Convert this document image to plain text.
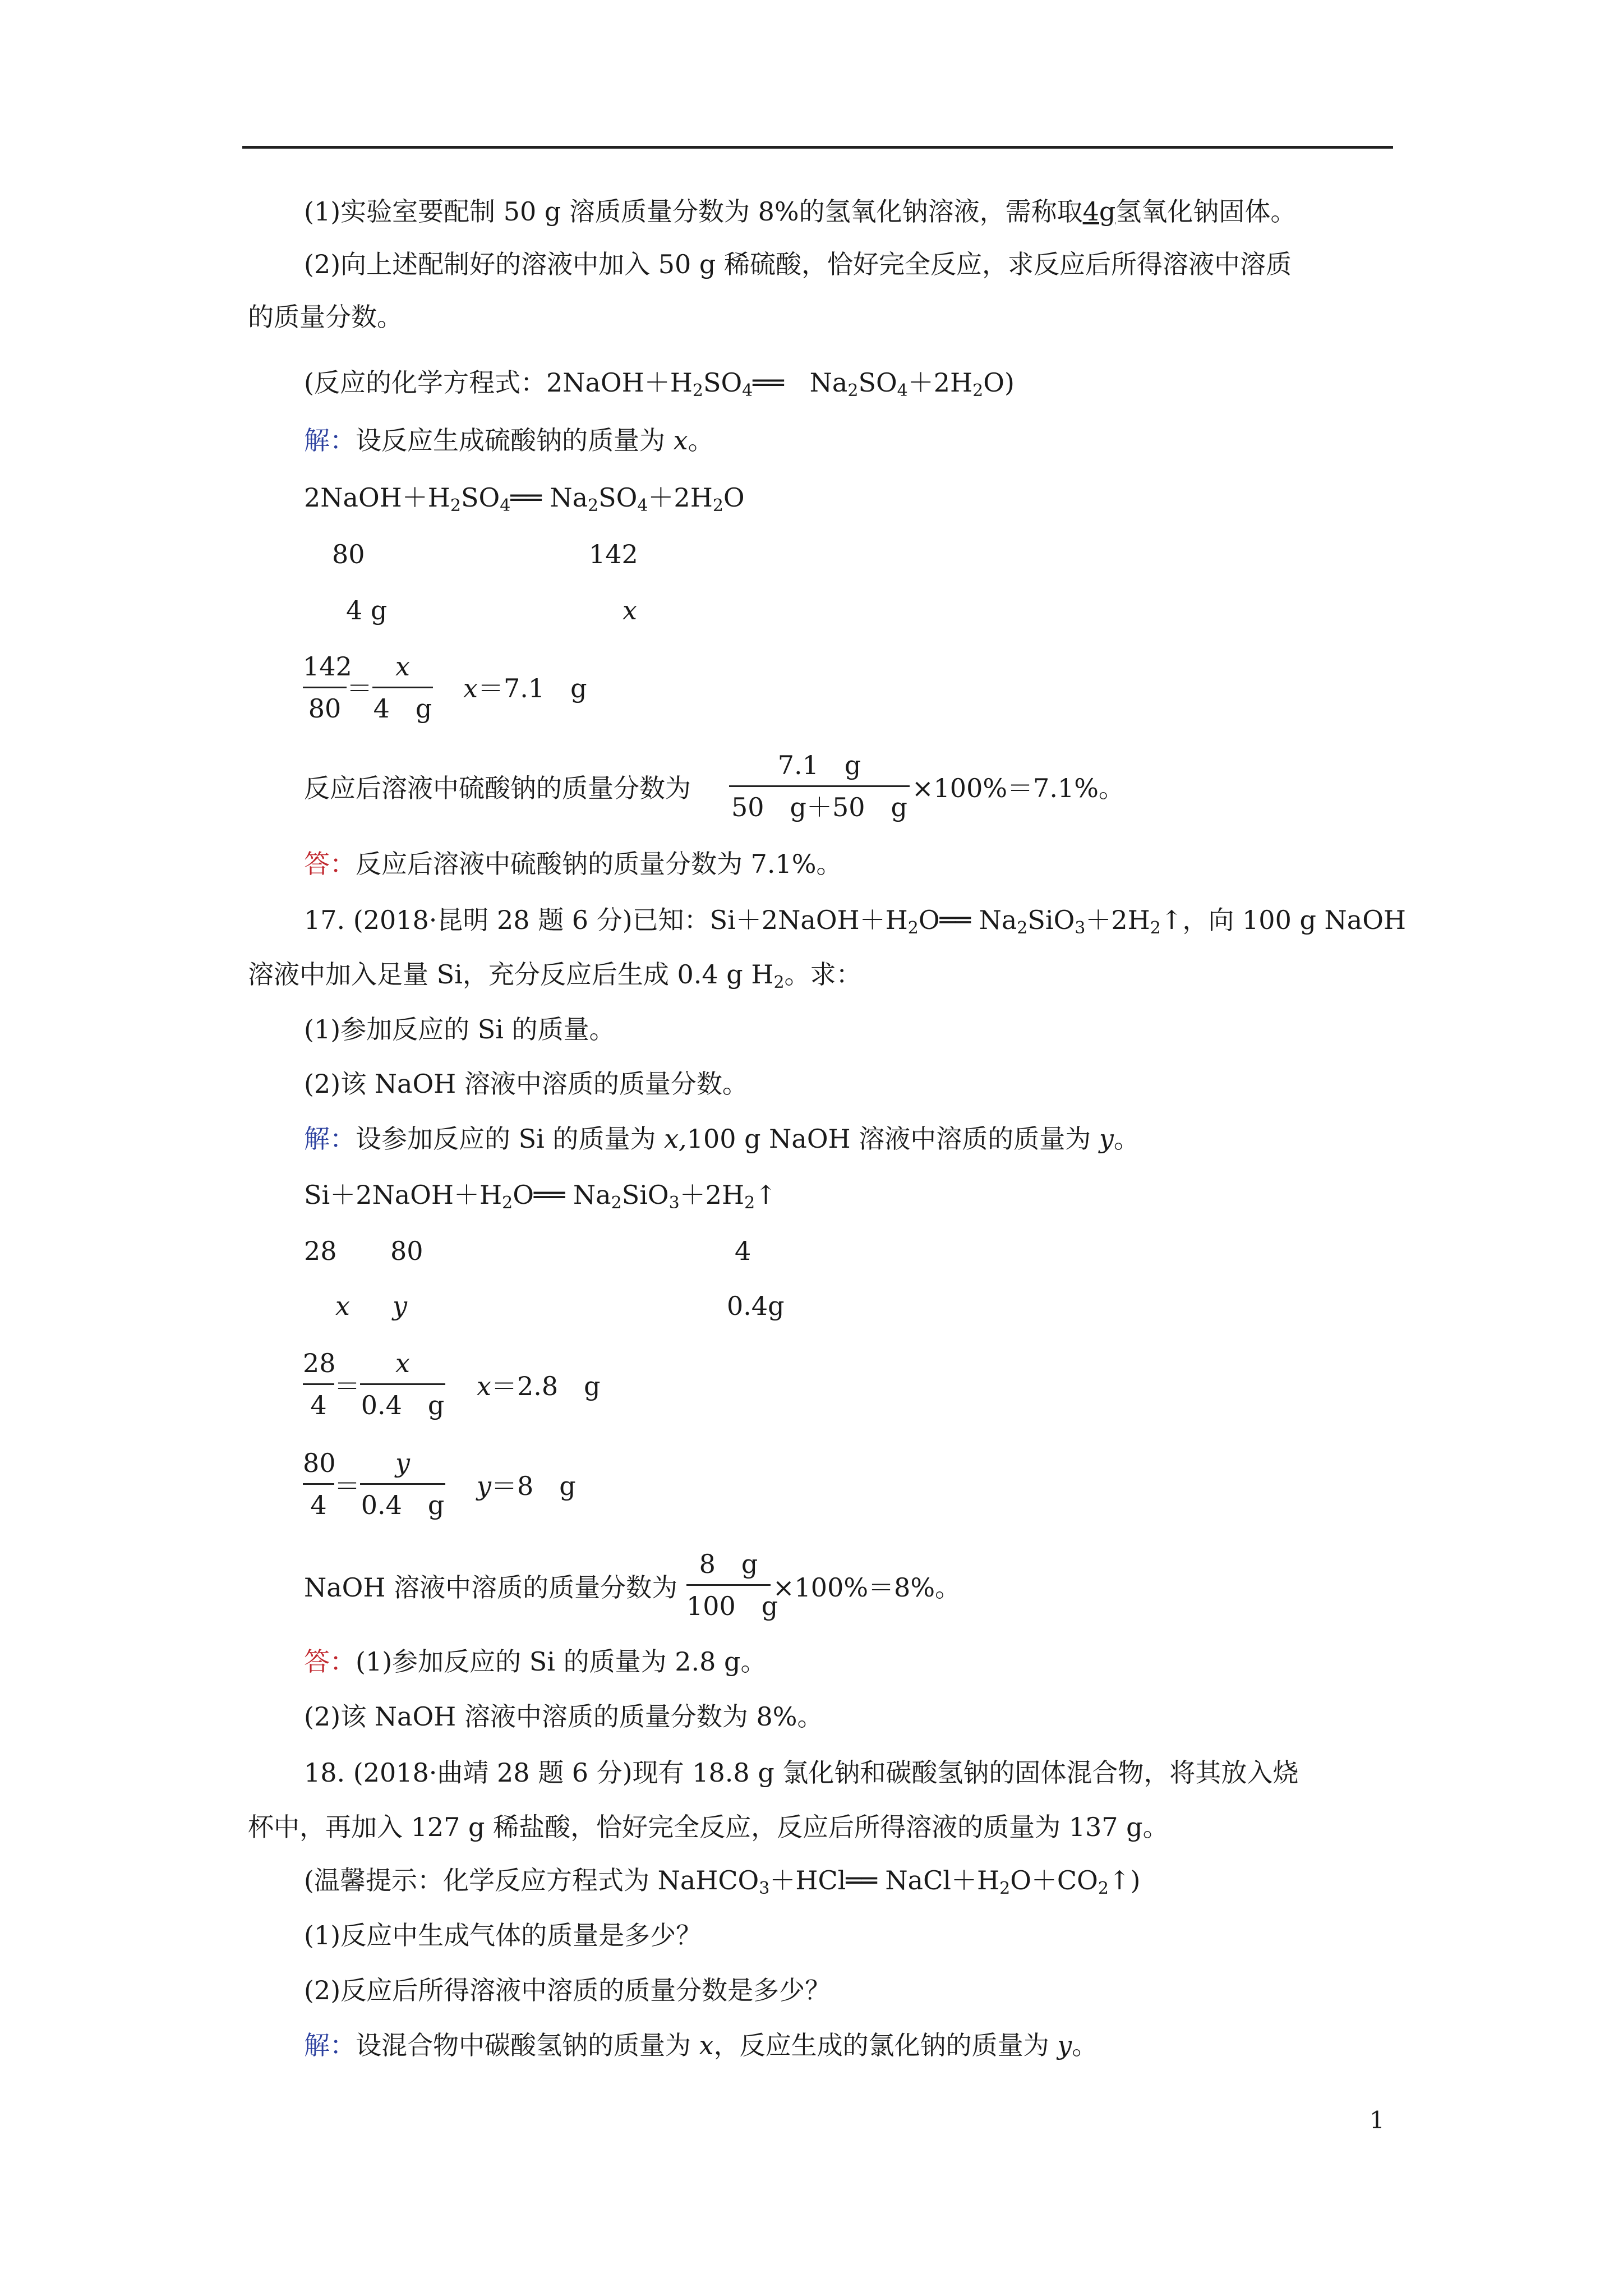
(1)实验室要配制 50 g 溶质质量分数为 8%的氢氧化钠溶液，需称取4g氢氧化钠固体。
(2)向上述配制好的溶液中加入 50 g 稀硫酸，恰好完全反应，求反应后所得溶液中溶质
的质量分数。
(反应的化学方程式：$2NaOH+H_2SO_4══$　$Na_2SO_4+2H_2O$)
解：设反应生成硫酸钠的质量为 x。
$2NaOH+H_2SO_4══$ $Na_2SO_4+2H_2O$
80	142
4 g	x
142
80
＝
x
4　g
x＝7.1　g
反应后溶液中硫酸钠的质量分数为
7.1　g
50　g＋50　g
×100%＝7.1%。
答：反应后溶液中硫酸钠的质量分数为 7.1%。
17. (2018·昆明 28 题 6 分)已知：$Si+2NaOH+H_2O══$ $Na_2SiO_3+2H_2↑$，向 100 g NaOH
溶液中加入足量 Si，充分反应后生成 0.4 g $H_2$。求：
(1)参加反应的 Si 的质量。
(2)该 NaOH 溶液中溶质的质量分数。
解：设参加反应的 Si 的质量为 x,100 g NaOH 溶液中溶质的质量为 y。
$Si+2NaOH+H_2O══$ $Na_2SiO_3+2H_2↑$
28 80	4
x y	0.4g
28
4
＝
x
0.4　g
x＝2.8　g
80
4
＝
y
0.4　g
y＝8　g
NaOH 溶液中溶质的质量分数为
8　g
100　g
×100%＝8%。
答：(1)参加反应的 Si 的质量为 2.8 g。
(2)该 NaOH 溶液中溶质的质量分数为 8%。
18. (2018·曲靖 28 题 6 分)现有 18.8 g 氯化钠和碳酸氢钠的固体混合物，将其放入烧
杯中，再加入 127 g 稀盐酸，恰好完全反应，反应后所得溶液的质量为 137 g。
(温馨提示：化学反应方程式为 NaHCO$_3$＋HCl══ $NaCl+H_2O+CO_2↑$)
(1)反应中生成气体的质量是多少？
(2)反应后所得溶液中溶质的质量分数是多少？
解：设混合物中碳酸氢钠的质量为 x，反应生成的氯化钠的质量为 y。
1
